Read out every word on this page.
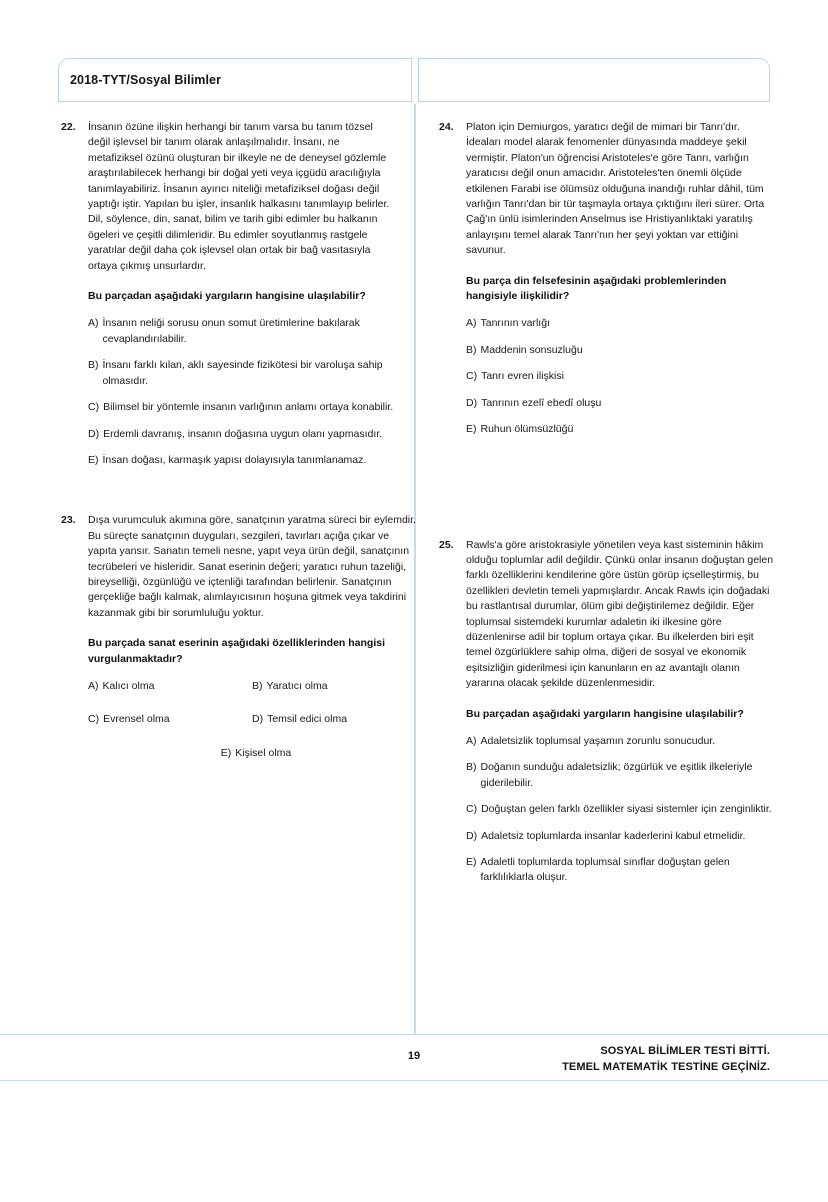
2018-TYT/Sosyal Bilimler
22.	İnsanın özüne ilişkin herhangi bir tanım varsa bu tanım tözsel değil işlevsel bir tanım olarak anlaşılmalıdır. İnsanı, ne metafiziksel özünü oluşturan bir ilkeyle ne de deneysel gözlemle araştırılabilecek herhangi bir doğal yeti veya içgüdü aracılığıyla tanımlayabiliriz. İnsanın ayırıcı niteliği metafiziksel doğası değil yaptığı iştir. Yapılan bu işler, insanlık halkasını tanımlayıp belirler. Dil, söylence, din, sanat, bilim ve tarih gibi edimler bu halkanın ögeleri ve çeşitli dilimleridir. Bu edimler soyutlanmış rastgele yaratılar değil daha çok işlevsel olan ortak bir bağ vasıtasıyla ortaya çıkmış unsurlardır.

Bu parçadan aşağıdaki yargıların hangisine ulaşılabilir?

A) İnsanın neliği sorusu onun somut üretimlerine bakılarak cevaplandırılabilir.
B) İnsanı farklı kılan, aklı sayesinde fizikötesi bir varoluşa sahip olmasıdır.
C) Bilimsel bir yöntemle insanın varlığının anlamı ortaya konabilir.
D) Erdemli davranış, insanın doğasına uygun olanı yapmasıdır.
E) İnsan doğası, karmaşık yapısı dolayısıyla tanımlanamaz.
23.	Dışa vurumculuk akımına göre, sanatçının yaratma süreci bir eylemdir. Bu süreçte sanatçının duyguları, sezgileri, tavırları açığa çıkar ve yapıta yansır. Sanatın temeli nesne, yapıt veya ürün değil, sanatçının tecrübeleri ve hisleridir. Sanat eserinin değeri; yaratıcı ruhun tazeliği, bireyselliği, özgünlüğü ve içtenliği tarafından belirlenir. Sanatçının gerçekliğe bağlı kalmak, alımlayıcısının hoşuna gitmek veya takdirini kazanmak gibi bir sorumluluğu yoktur.

Bu parçada sanat eserinin aşağıdaki özelliklerinden hangisi vurgulanmaktadır?

A) Kalıcı olma	B) Yaratıcı olma
C) Evrensel olma	D) Temsil edici olma
E) Kişisel olma
24.	Platon için Demiurgos, yaratıcı değil de mimari bir Tanrı'dır. İdeaları model alarak fenomenler dünyasında maddeye şekil vermiştir. Platon'un öğrencisi Aristoteles'e göre Tanrı, varlığın yaratıcısı değil onun amacıdır. Aristoteles'ten önemli ölçüde etkilenen Farabi ise ölümsüz olduğuna inandığı ruhlar dâhil, tüm varlığın Tanrı'dan bir tür taşmayla ortaya çıktığını ileri sürer. Orta Çağ'ın ünlü isimlerinden Anselmus ise Hristiyanlıktaki yaratılış anlayışını temel alarak Tanrı'nın her şeyi yoktan var ettiğini savunur.

Bu parça din felsefesinin aşağıdaki problemlerinden hangisiyle ilişkilidir?

A) Tanrının varlığı
B) Maddenin sonsuzluğu
C) Tanrı evren ilişkisi
D) Tanrının ezelî ebedî oluşu
E) Ruhun ölümsüzlüğü
25.	Rawls'a göre aristokrasiyle yönetilen veya kast sisteminin hâkim olduğu toplumlar adil değildir. Çünkü onlar insanın doğuştan gelen farklı özelliklerini kendilerine göre üstün görüp içselleştirmiş, bu özellikleri devletin temeli yapmışlardır. Ancak Rawls için doğadaki bu rastlantısal durumlar, ölüm gibi değiştirilemez değildir. Eğer toplumsal sistemdeki kurumlar adaletin iki ilkesine göre düzenlenirse adil bir toplum ortaya çıkar. Bu ilkelerden biri eşit temel özgürlüklere sahip olma, diğeri de sosyal ve ekonomik eşitsizliğin giderilmesi için kanunların en az avantajlı olanın yararına olacak şekilde düzenlenmesidir.

Bu parçadan aşağıdaki yargıların hangisine ulaşılabilir?

A) Adaletsizlik toplumsal yaşamın zorunlu sonucudur.
B) Doğanın sunduğu adaletsizlik; özgürlük ve eşitlik ilkeleriyle giderilebilir.
C) Doğuştan gelen farklı özellikler siyasi sistemler için zenginliktir.
D) Adaletsiz toplumlarda insanlar kaderlerini kabul etmelidir.
E) Adaletli toplumlarda toplumsal sınıflar doğuştan gelen farklılıklarla oluşur.
19	SOSYAL BİLİMLER TESTİ BİTTİ.
TEMEL MATEMATİK TESTİNE GEÇİNİZ.
